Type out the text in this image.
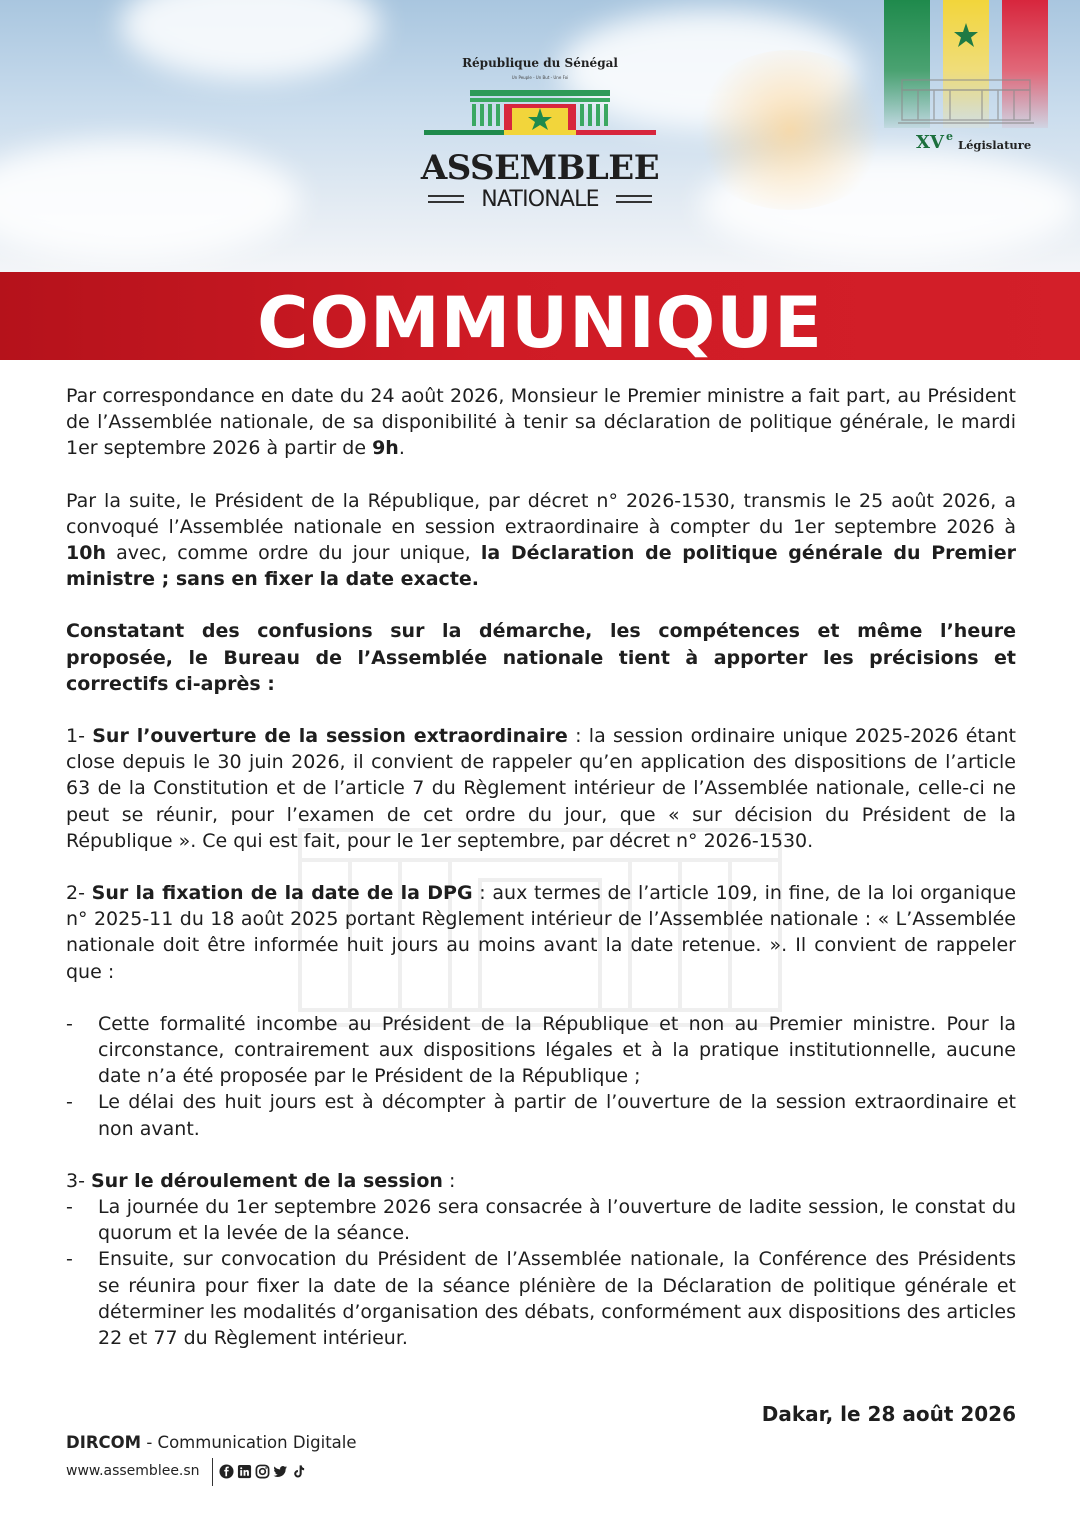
République du Sénégal
Un Peuple - Un But - Une Foi
ASSEMBLEE
NATIONALE
XV e
Législature
COMMUNIQUE

Par correspondance en date du 24 août 2026, Monsieur le Premier ministre a fait part, au Président de l’Assemblée nationale, de sa disponibilité à tenir sa déclaration de politique générale, le mardi 1er septembre 2026 à partir de 9h.

Par la suite, le Président de la République, par décret n° 2026-1530, transmis le 25 août 2026, a convoqué l’Assemblée nationale en session extraordinaire à compter du 1er septembre 2026 à 10h avec, comme ordre du jour unique, la Déclaration de politique générale du Premier ministre ; sans en fixer la date exacte.

Constatant des confusions sur la démarche, les compétences et même l’heure proposée, le Bureau de l’Assemblée nationale tient à apporter les précisions et correctifs ci-après :

1- Sur l’ouverture de la session extraordinaire : la session ordinaire unique 2025-2026 étant close depuis le 30 juin 2026, il convient de rappeler qu’en application des dispositions de l’article 63 de la Constitution et de l’article 7 du Règlement intérieur de l’Assemblée nationale, celle-ci ne peut se réunir, pour l’examen de cet ordre du jour, que « sur décision du Président de la République ». Ce qui est fait, pour le 1er septembre, par décret n° 2026-1530.

2- Sur la fixation de la date de la DPG : aux termes de l’article 109, in fine, de la loi organique n° 2025-11 du 18 août 2025 portant Règlement intérieur de l’Assemblée nationale : « L’Assemblée nationale doit être informée huit jours au moins avant la date retenue. ». Il convient de rappeler que :

- Cette formalité incombe au Président de la République et non au Premier ministre. Pour la circonstance, contrairement aux dispositions légales et à la pratique institutionnelle, aucune date n’a été proposée par le Président de la République ;
- Le délai des huit jours est à décompter à partir de l’ouverture de la session extraordinaire et non avant.

3- Sur le déroulement de la session :

- La journée du 1er septembre 2026 sera consacrée à l’ouverture de ladite session, le constat du quorum et la levée de la séance.
- Ensuite, sur convocation du Président de l’Assemblée nationale, la Conférence des Présidents se réunira pour fixer la date de la séance plénière de la Déclaration de politique générale et déterminer les modalités d’organisation des débats, conformément aux dispositions des articles 22 et 77 du Règlement intérieur.
Dakar, le 28 août 2026
DIRCOM - Communication Digitale
www.assemblee.sn
